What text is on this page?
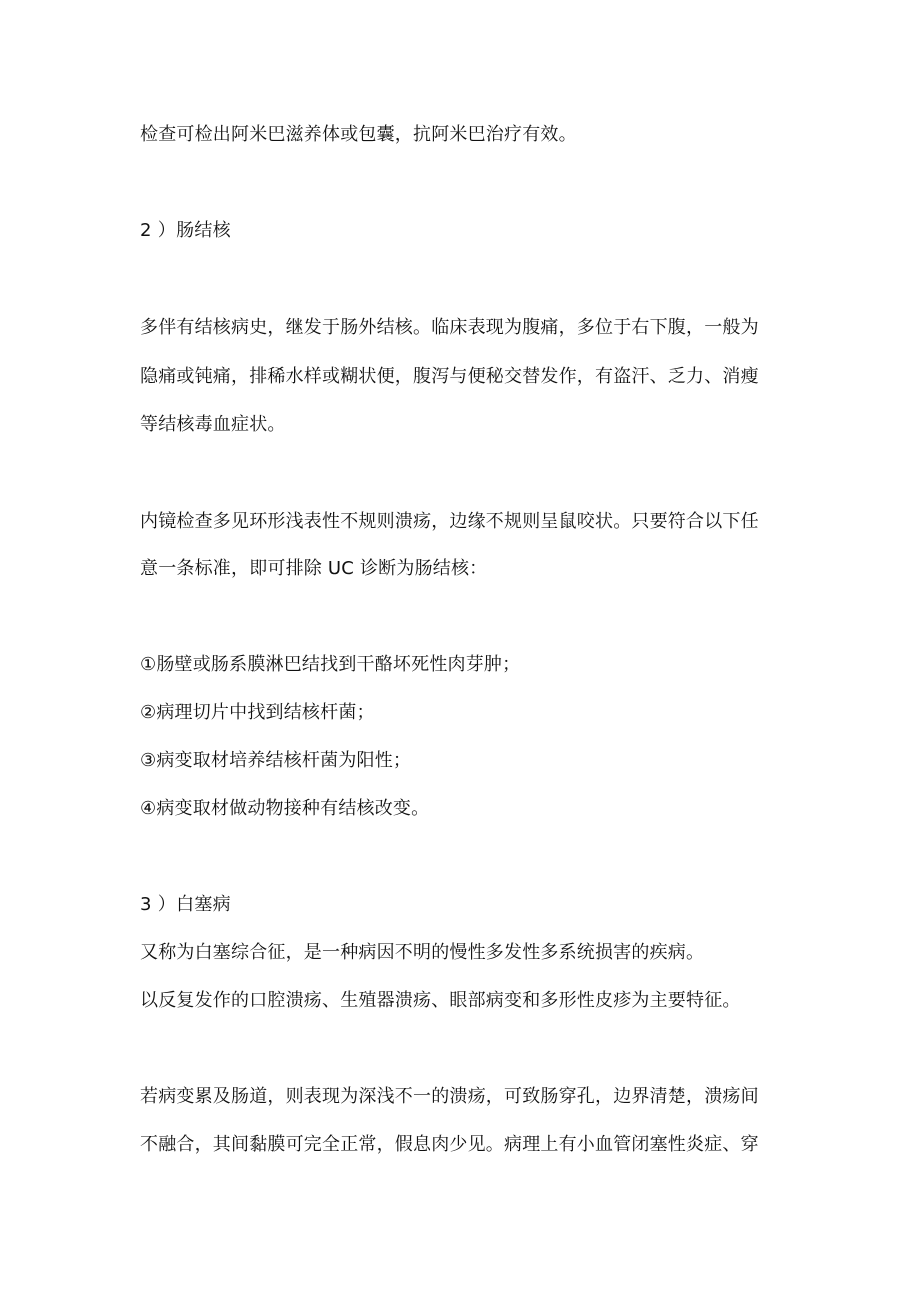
检查可检出阿米巴滋养体或包囊，抗阿米巴治疗有效。
2 ）肠结核
多伴有结核病史，继发于肠外结核。临床表现为腹痛，多位于右下腹，一般为
隐痛或钝痛，排稀水样或糊状便，腹泻与便秘交替发作，有盗汗、乏力、消瘦
等结核毒血症状。
内镜检查多见环形浅表性不规则溃疡，边缘不规则呈鼠咬状。只要符合以下任
意一条标准，即可排除 UC 诊断为肠结核：
①肠壁或肠系膜淋巴结找到干酪坏死性肉芽肿；
②病理切片中找到结核杆菌；
③病变取材培养结核杆菌为阳性；
④病变取材做动物接种有结核改变。
3 ）白塞病
又称为白塞综合征，是一种病因不明的慢性多发性多系统损害的疾病。
以反复发作的口腔溃疡、生殖器溃疡、眼部病变和多形性皮疹为主要特征。
若病变累及肠道，则表现为深浅不一的溃疡，可致肠穿孔，边界清楚，溃疡间
不融合，其间黏膜可完全正常，假息肉少见。病理上有小血管闭塞性炎症、穿
